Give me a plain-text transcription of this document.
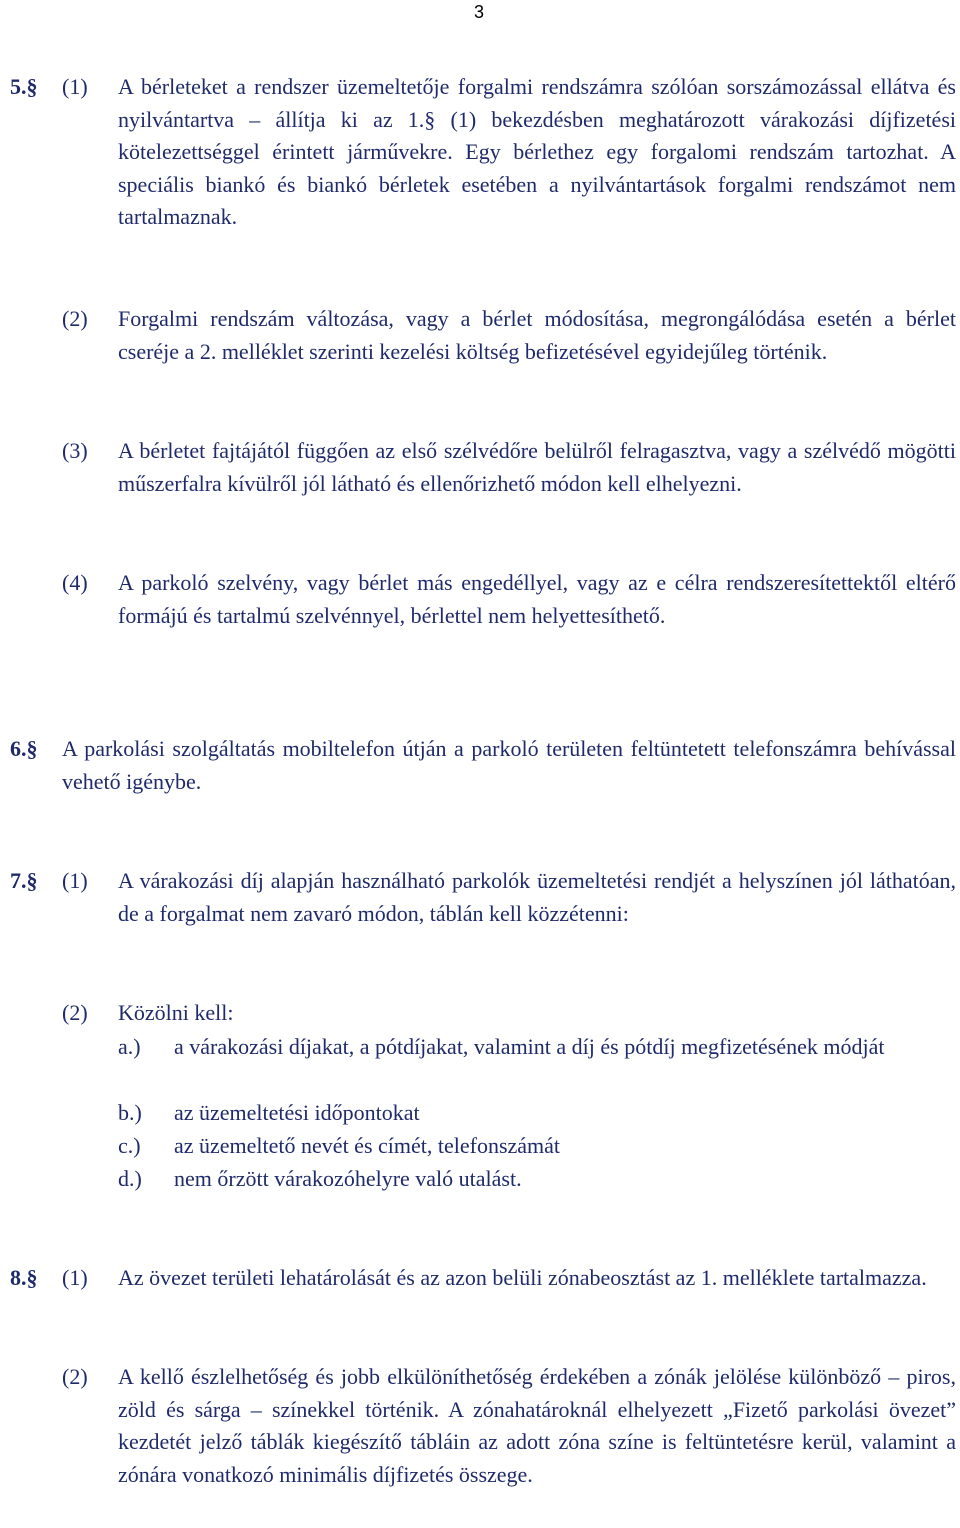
3
5.§ (1) A bérleteket a rendszer üzemeltetője forgalmi rendszámra szólóan sorszámozással ellátva és nyilvántartva – állítja ki az 1.§ (1) bekezdésben meghatározott várakozási díjfizetési kötelezettséggel érintett járművekre. Egy bérlethez egy forgalomi rendszám tartozhat. A speciális biankó és biankó bérletek esetében a nyilvántartások forgalmi rendszámot nem tartalmaznak.
(2) Forgalmi rendszám változása, vagy a bérlet módosítása, megrongálódása esetén a bérlet cseréje a 2. melléklet szerinti kezelési költség befizetésével egyidejűleg történik.
(3) A bérletet fajtájától függően az első szélvédőre belülről felragasztva, vagy a szélvédő mögötti műszerfalra kívülről jól látható és ellenőrizhető módon kell elhelyezni.
(4) A parkoló szelvény, vagy bérlet más engedéllyel, vagy az e célra rendszeresítettektől eltérő formájú és tartalmú szelvénnyel, bérlettel nem helyettesíthető.
6.§ A parkolási szolgáltatás mobiltelefon útján a parkoló területen feltüntetett telefonszámra behívással vehető igénybe.
7.§ (1) A várakozási díj alapján használható parkolók üzemeltetési rendjét a helyszínen jól láthatóan, de a forgalmat nem zavaró módon, táblán kell közzétenni:
(2) Közölni kell:
a.) a várakozási díjakat, a pótdíjakat, valamint a díj és pótdíj megfizetésének módját
b.) az üzemeltetési időpontokat
c.) az üzemeltető nevét és címét, telefonszámát
d.) nem őrzött várakozóhelyre való utalást.
8.§ (1) Az övezet területi lehatárolását és az azon belüli zónabeosztást az 1. melléklete tartalmazza.
(2) A kellő észlelhetőség és jobb elkülöníthetőség érdekében a zónák jelölése különböző – piros, zöld és sárga – színekkel történik. A zónahatároknál elhelyezett „Fizető parkolási övezet” kezdetét jelző táblák kiegészítő tábláin az adott zóna színe is feltüntetésre kerül, valamint a zónára vonatkozó minimális díjfizetés összege.
